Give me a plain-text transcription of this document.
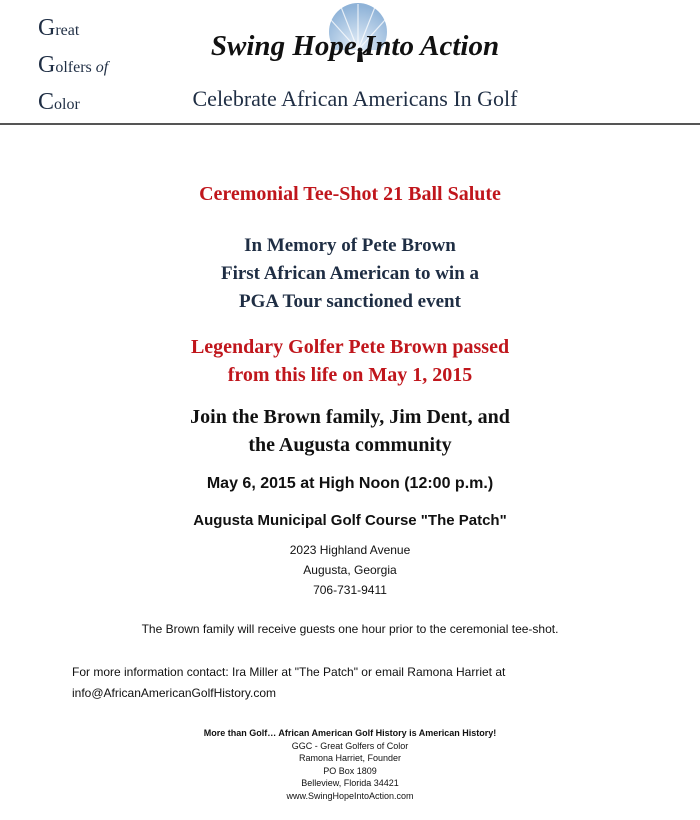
Great
Golfers of
Color
Swing Hope Into Action
Celebrate African Americans In Golf
Ceremonial Tee-Shot 21 Ball Salute
In Memory of Pete Brown
First African American to win a
PGA Tour sanctioned event
Legendary Golfer Pete Brown passed
from this life on May 1, 2015
Join the Brown family, Jim Dent, and
the Augusta community
May 6, 2015 at High Noon (12:00 p.m.)
Augusta Municipal Golf Course "The Patch"
2023 Highland Avenue
Augusta, Georgia
706-731-9411
The Brown family will receive guests one hour prior to the ceremonial tee-shot.
For more information contact: Ira Miller at "The Patch" or email Ramona Harriet at
info@AfricanAmericanGolfHistory.com
More than Golf… African American Golf History is American History!
GGC - Great Golfers of Color
Ramona Harriet, Founder
PO Box 1809
Belleview, Florida 34421
www.SwingHopeIntoAction.com
